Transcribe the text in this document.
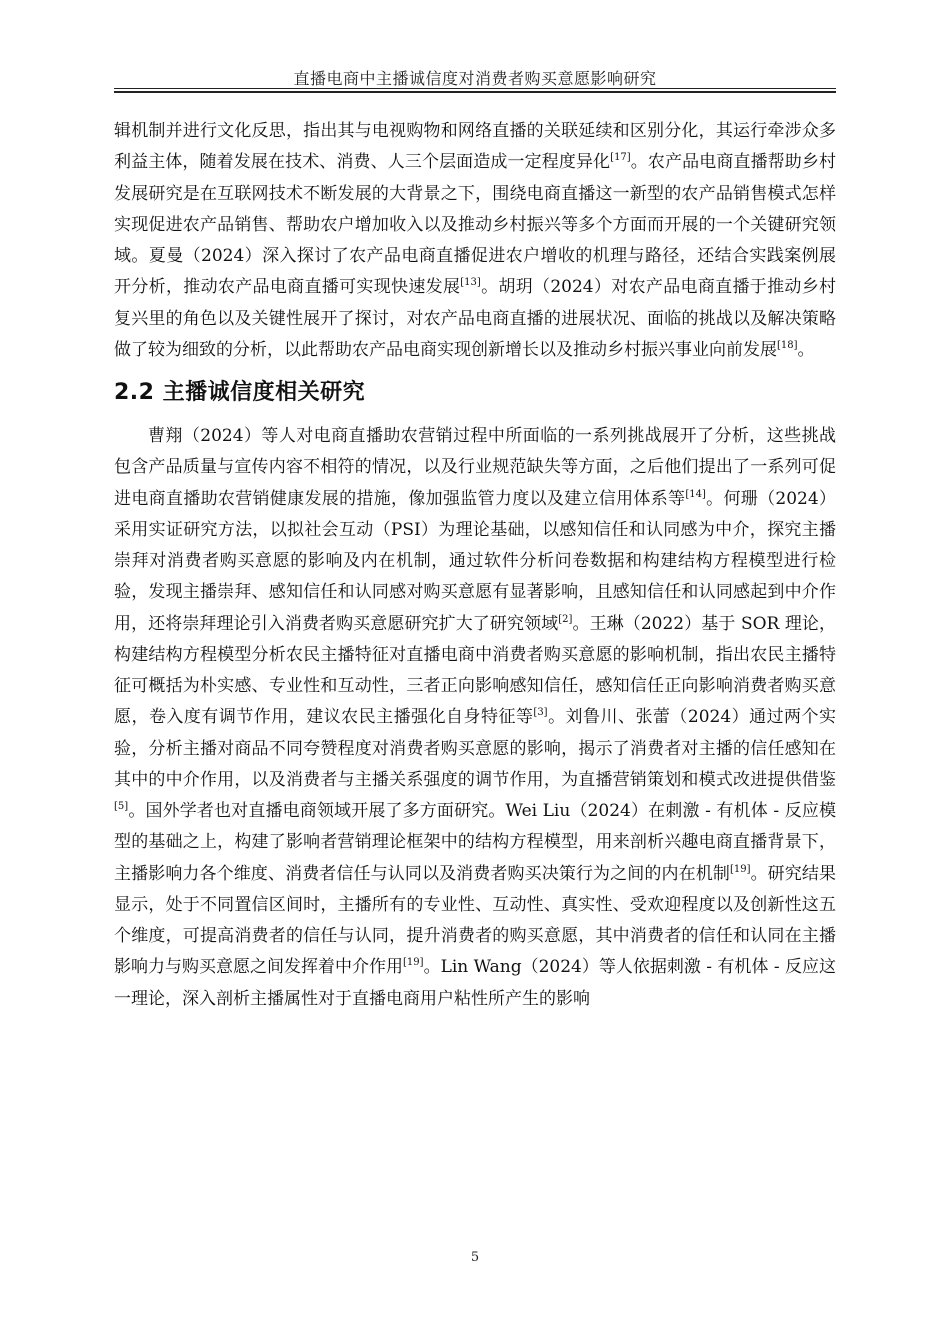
直播电商中主播诚信度对消费者购买意愿影响研究

辑机制并进行文化反思，指出其与电视购物和网络直播的关联延续和区别分化，其运行牵涉众多利益主体，随着发展在技术、消费、人三个层面造成一定程度异化[17]。农产品电商直播帮助乡村发展研究是在互联网技术不断发展的大背景之下，围绕电商直播这一新型的农产品销售模式怎样实现促进农产品销售、帮助农户增加收入以及推动乡村振兴等多个方面而开展的一个关键研究领域。夏曼（2024）深入探讨了农产品电商直播促进农户增收的机理与路径，还结合实践案例展开分析，推动农产品电商直播可实现快速发展[13]。胡玥（2024）对农产品电商直播于推动乡村复兴里的角色以及关键性展开了探讨，对农产品电商直播的进展状况、面临的挑战以及解决策略做了较为细致的分析，以此帮助农产品电商实现创新增长以及推动乡村振兴事业向前发展[18]。

2.2 主播诚信度相关研究

曹翔（2024）等人对电商直播助农营销过程中所面临的一系列挑战展开了分析，这些挑战包含产品质量与宣传内容不相符的情况，以及行业规范缺失等方面，之后他们提出了一系列可促进电商直播助农营销健康发展的措施，像加强监管力度以及建立信用体系等[14]。何珊（2024）采用实证研究方法，以拟社会互动（PSI）为理论基础，以感知信任和认同感为中介，探究主播崇拜对消费者购买意愿的影响及内在机制，通过软件分析问卷数据和构建结构方程模型进行检验，发现主播崇拜、感知信任和认同感对购买意愿有显著影响，且感知信任和认同感起到中介作用，还将崇拜理论引入消费者购买意愿研究扩大了研究领域[2]。王琳（2022）基于 SOR 理论，构建结构方程模型分析农民主播特征对直播电商中消费者购买意愿的影响机制，指出农民主播特征可概括为朴实感、专业性和互动性，三者正向影响感知信任，感知信任正向影响消费者购买意愿，卷入度有调节作用，建议农民主播强化自身特征等[3]。刘鲁川、张蕾（2024）通过两个实验，分析主播对商品不同夸赞程度对消费者购买意愿的影响，揭示了消费者对主播的信任感知在其中的中介作用，以及消费者与主播关系强度的调节作用，为直播营销策划和模式改进提供借鉴[5]。国外学者也对直播电商领域开展了多方面研究。Wei Liu（2024）在刺激 - 有机体 - 反应模型的基础之上，构建了影响者营销理论框架中的结构方程模型，用来剖析兴趣电商直播背景下，主播影响力各个维度、消费者信任与认同以及消费者购买决策行为之间的内在机制[19]。研究结果显示，处于不同置信区间时，主播所有的专业性、互动性、真实性、受欢迎程度以及创新性这五个维度，可提高消费者的信任与认同，提升消费者的购买意愿，其中消费者的信任和认同在主播影响力与购买意愿之间发挥着中介作用[19]。Lin Wang（2024）等人依据刺激 - 有机体 - 反应这一理论，深入剖析主播属性对于直播电商用户粘性所产生的影响

5
